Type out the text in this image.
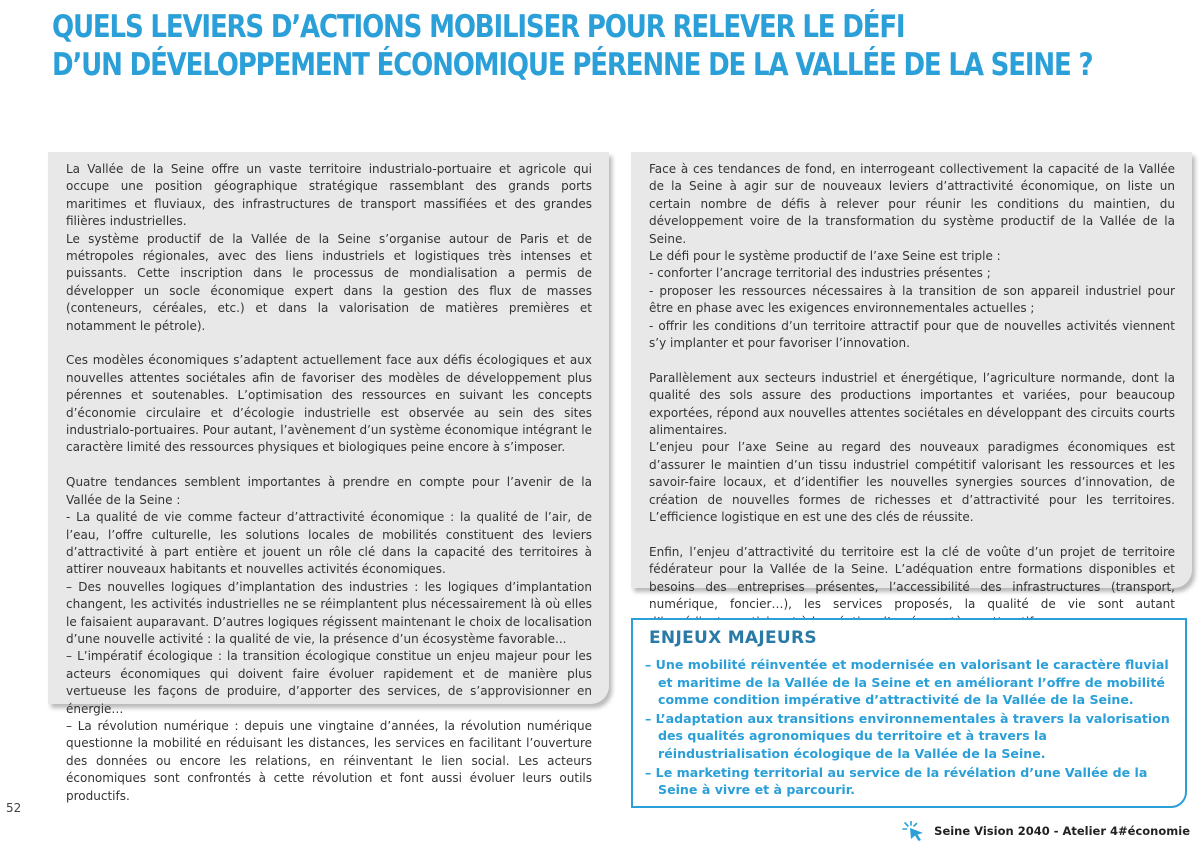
QUELS LEVIERS D’ACTIONS MOBILISER POUR RELEVER LE DÉFI
D’UN DÉVELOPPEMENT ÉCONOMIQUE PÉRENNE DE LA VALLÉE DE LA SEINE ?

La Vallée de la Seine offre un vaste territoire industrialo-portuaire et agricole qui occupe une position géographique stratégique rassemblant des grands ports maritimes et fluviaux, des infrastructures de transport massifiées et des grandes filières industrielles.

Le système productif de la Vallée de la Seine s’organise autour de Paris et de métropoles régionales, avec des liens industriels et logistiques très intenses et puissants. Cette inscription dans le processus de mondialisation a permis de développer un socle économique expert dans la gestion des flux de masses (conteneurs, céréales, etc.) et dans la valorisation de matières premières et notamment le pétrole).

Ces modèles économiques s’adaptent actuellement face aux défis écologiques et aux nouvelles attentes sociétales afin de favoriser des modèles de développement plus pérennes et soutenables. L’optimisation des ressources en suivant les concepts d’économie circulaire et d’écologie industrielle est observée au sein des sites industrialo-portuaires. Pour autant, l’avènement d’un système économique intégrant le caractère limité des ressources physiques et biologiques peine encore à s’imposer.

Quatre tendances semblent importantes à prendre en compte pour l’avenir de la Vallée de la Seine :

- La qualité de vie comme facteur d’attractivité économique : la qualité de l’air, de l’eau, l’offre culturelle, les solutions locales de mobilités constituent des leviers d’attractivité à part entière et jouent un rôle clé dans la capacité des territoires à attirer nouveaux habitants et nouvelles activités économiques.

– Des nouvelles logiques d’implantation des industries : les logiques d’implantation changent, les activités industrielles ne se réimplantent plus nécessairement là où elles le faisaient auparavant. D’autres logiques régissent maintenant le choix de localisation d’une nouvelle activité : la qualité de vie, la présence d’un écosystème favorable...

– L’impératif écologique : la transition écologique constitue un enjeu majeur pour les acteurs économiques qui doivent faire évoluer rapidement et de manière plus vertueuse les façons de produire, d’apporter des services, de s’approvisionner en énergie…

– La révolution numérique : depuis une vingtaine d’années, la révolution numérique questionne la mobilité en réduisant les distances, les services en facilitant l’ouverture des données ou encore les relations, en réinventant le lien social. Les acteurs économiques sont confrontés à cette révolution et font aussi évoluer leurs outils productifs.

Face à ces tendances de fond, en interrogeant collectivement la capacité de la Vallée de la Seine à agir sur de nouveaux leviers d’attractivité économique, on liste un certain nombre de défis à relever pour réunir les conditions du maintien, du développement voire de la transformation du système productif de la Vallée de la Seine.

Le défi pour le système productif de l’axe Seine est triple :

- conforter l’ancrage territorial des industries présentes ;

- proposer les ressources nécessaires à la transition de son appareil industriel pour être en phase avec les exigences environnementales actuelles ;

- offrir les conditions d’un territoire attractif pour que de nouvelles activités viennent s’y implanter et pour favoriser l’innovation.

Parallèlement aux secteurs industriel et énergétique, l’agriculture normande, dont la qualité des sols assure des productions importantes et variées, pour beaucoup exportées, répond aux nouvelles attentes sociétales en développant des circuits courts alimentaires.

L’enjeu pour l’axe Seine au regard des nouveaux paradigmes économiques est d’assurer le maintien d’un tissu industriel compétitif valorisant les ressources et les savoir-faire locaux, et d’identifier les nouvelles synergies sources d’innovation, de création de nouvelles formes de richesses et d’attractivité pour les territoires. L’efficience logistique en est une des clés de réussite.

Enfin, l’enjeu d’attractivité du territoire est la clé de voûte d’un projet de territoire fédérateur pour la Vallée de la Seine. L’adéquation entre formations disponibles et besoins des entreprises présentes, l’accessibilité des infrastructures (transport, numérique, foncier…), les services proposés, la qualité de vie sont autant

ENJEUX MAJEURS

– Une mobilité réinventée et modernisée en valorisant le caractère fluvial et maritime de la Vallée de la Seine et en améliorant l’offre de mobilité comme condition impérative d’attractivité de la Vallée de la Seine.

– L’adaptation aux transitions environnementales à travers la valorisation des qualités agronomiques du territoire et à travers la réindustrialisation écologique de la Vallée de la Seine.

– Le marketing territorial au service de la révélation d’une Vallée de la Seine à vivre et à parcourir.

52
Seine Vision 2040 - Atelier 4#économie
